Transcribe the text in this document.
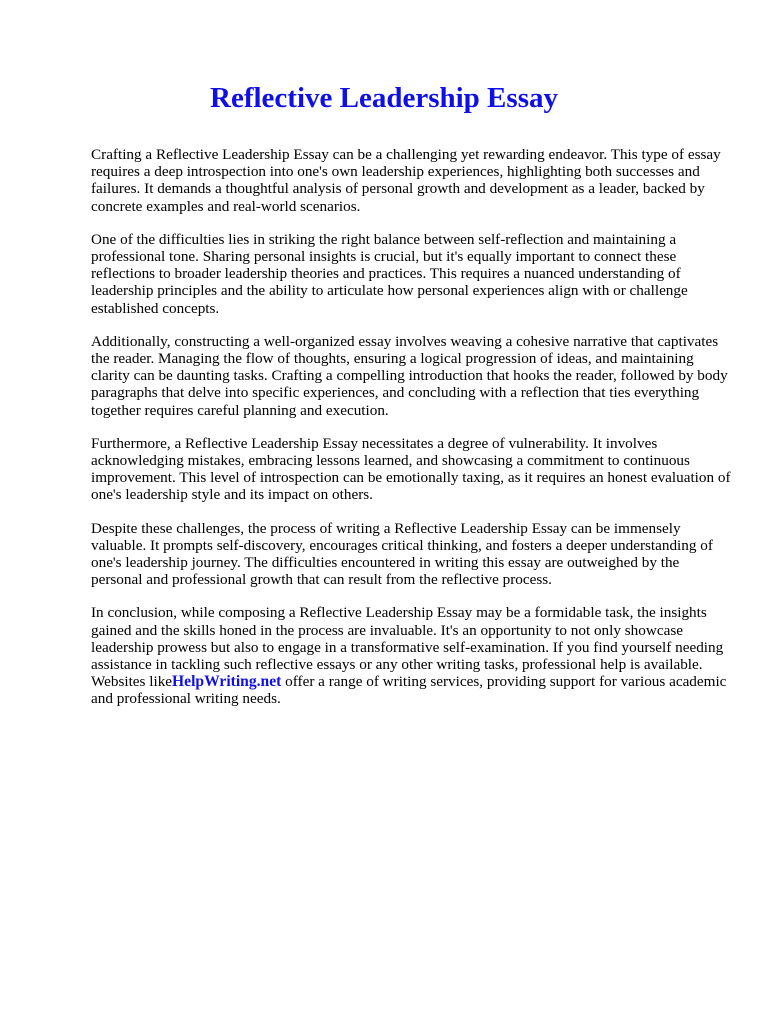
Reflective Leadership Essay

Crafting a Reflective Leadership Essay can be a challenging yet rewarding endeavor. This type of essay requires a deep introspection into one's own leadership experiences, highlighting both successes and failures. It demands a thoughtful analysis of personal growth and development as a leader, backed by concrete examples and real-world scenarios.

One of the difficulties lies in striking the right balance between self-reflection and maintaining a professional tone. Sharing personal insights is crucial, but it's equally important to connect these reflections to broader leadership theories and practices. This requires a nuanced understanding of leadership principles and the ability to articulate how personal experiences align with or challenge established concepts.

Additionally, constructing a well-organized essay involves weaving a cohesive narrative that captivates the reader. Managing the flow of thoughts, ensuring a logical progression of ideas, and maintaining clarity can be daunting tasks. Crafting a compelling introduction that hooks the reader, followed by body paragraphs that delve into specific experiences, and concluding with a reflection that ties everything together requires careful planning and execution.

Furthermore, a Reflective Leadership Essay necessitates a degree of vulnerability. It involves acknowledging mistakes, embracing lessons learned, and showcasing a commitment to continuous improvement. This level of introspection can be emotionally taxing, as it requires an honest evaluation of one's leadership style and its impact on others.

Despite these challenges, the process of writing a Reflective Leadership Essay can be immensely valuable. It prompts self-discovery, encourages critical thinking, and fosters a deeper understanding of one's leadership journey. The difficulties encountered in writing this essay are outweighed by the personal and professional growth that can result from the reflective process.

In conclusion, while composing a Reflective Leadership Essay may be a formidable task, the insights gained and the skills honed in the process are invaluable. It's an opportunity to not only showcase leadership prowess but also to engage in a transformative self-examination. If you find yourself needing assistance in tackling such reflective essays or any other writing tasks, professional help is available. Websites likeHelpWriting.net offer a range of writing services, providing support for various academic and professional writing needs.
